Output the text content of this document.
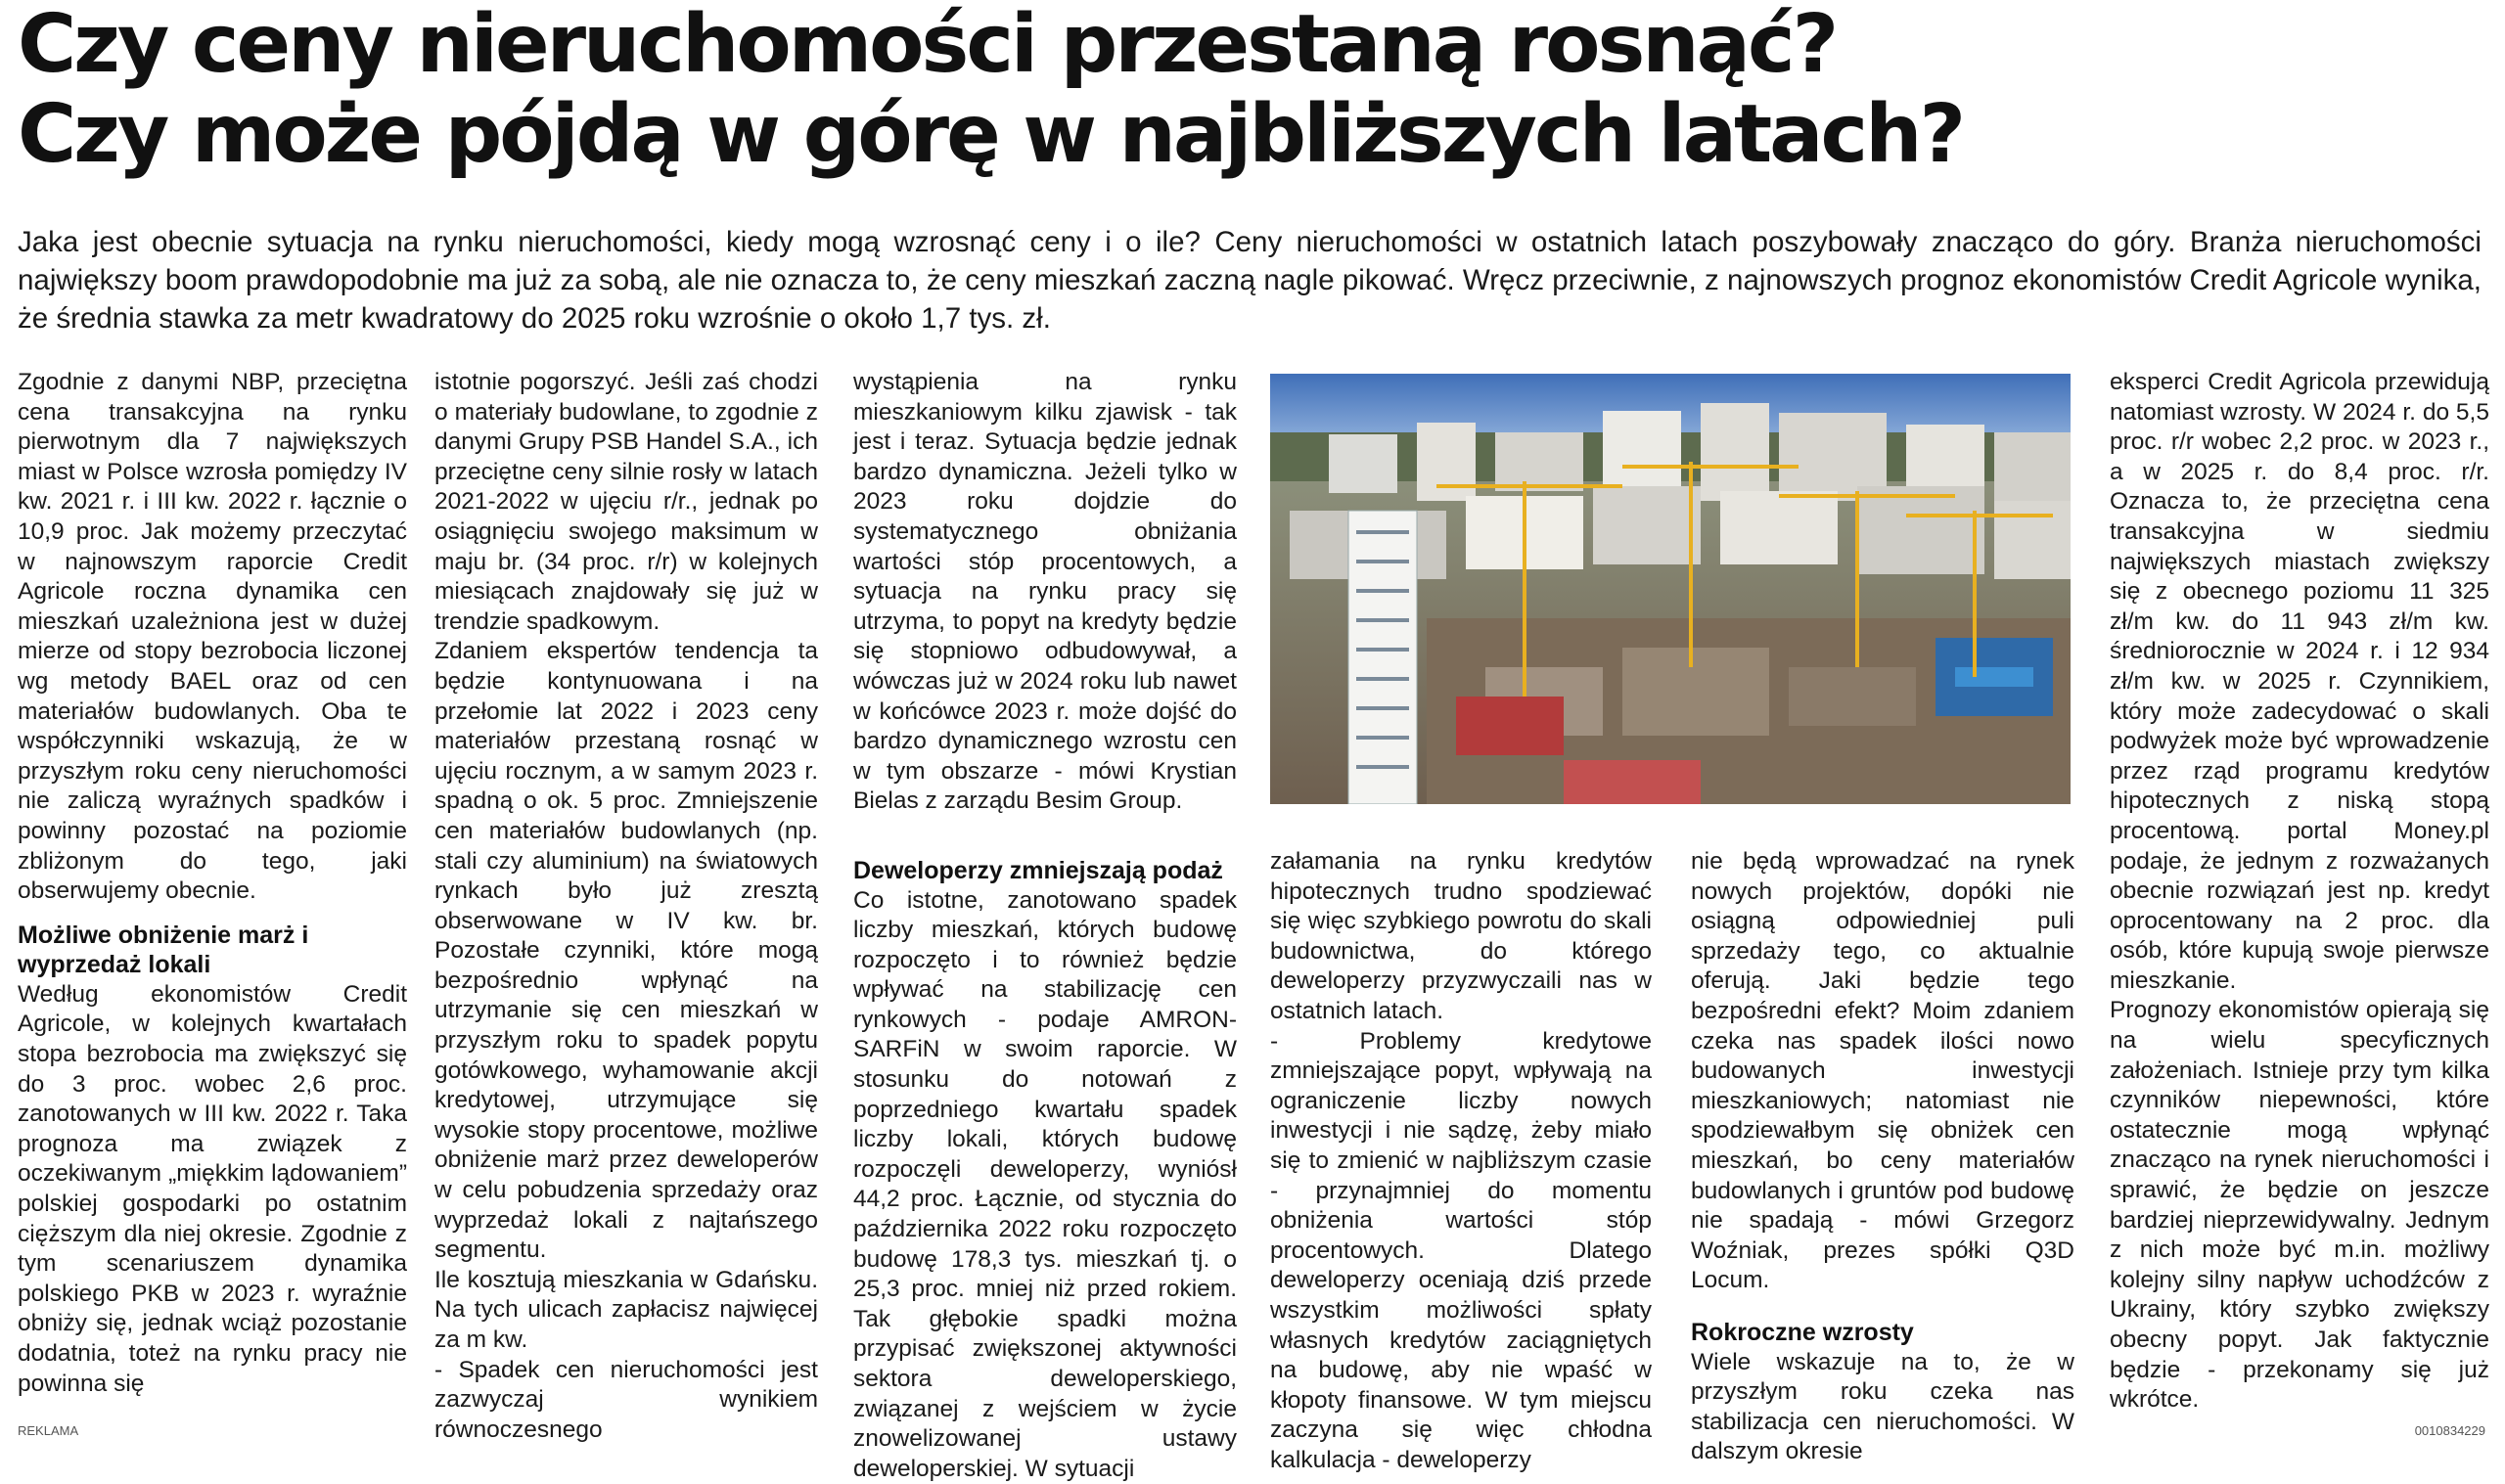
Czy ceny nieruchomości przestaną rosnąć?
Czy może pójdą w górę w najbliższych latach?

Jaka jest obecnie sytuacja na rynku nieruchomości, kiedy mogą wzrosnąć ceny i o ile? Ceny nieruchomości w ostatnich latach poszybowały znacząco do góry. Branża nieruchomości największy boom prawdopodobnie ma już za sobą, ale nie oznacza to, że ceny mieszkań zaczną nagle pikować. Wręcz przeciwnie, z najnowszych prognoz ekonomistów Credit Agricole wynika, że średnia stawka za metr kwadratowy do 2025 roku wzrośnie o około 1,7 tys. zł.

Zgodnie z danymi NBP, przeciętna cena transakcyjna na rynku pierwotnym dla 7 największych miast w Polsce wzrosła pomiędzy IV kw. 2021 r. i III kw. 2022 r. łącznie o 10,9 proc. Jak możemy przeczytać w najnowszym raporcie Credit Agricole roczna dynamika cen mieszkań uzależniona jest w dużej mierze od stopy bezrobocia liczonej wg metody BAEL oraz od cen materiałów budowlanych. Oba te współczynniki wskazują, że w przyszłym roku ceny nieruchomości nie zaliczą wyraźnych spadków i powinny pozostać na poziomie zbliżonym do tego, jaki obserwujemy obecnie.

Możliwe obniżenie marż i wyprzedaż lokali

Według ekonomistów Credit Agricole, w kolejnych kwartałach stopa bezrobocia ma zwiększyć się do 3 proc. wobec 2,6 proc. zanotowanych w III kw. 2022 r. Taka prognoza ma związek z oczekiwanym „miękkim lądowaniem” polskiej gospodarki po ostatnim cięższym dla niej okresie. Zgodnie z tym scenariuszem dynamika polskiego PKB w 2023 r. wyraźnie obniży się, jednak wciąż pozostanie dodatnia, toteż na rynku pracy nie powinna się

istotnie pogorszyć. Jeśli zaś chodzi o materiały budowlane, to zgodnie z danymi Grupy PSB Handel S.A., ich przeciętne ceny silnie rosły w latach 2021-2022 w ujęciu r/r., jednak po osiągnięciu swojego maksimum w maju br. (34 proc. r/r) w kolejnych miesiącach znajdowały się już w trendzie spadkowym.

Zdaniem ekspertów tendencja ta będzie kontynuowana i na przełomie lat 2022 i 2023 ceny materiałów przestaną rosnąć w ujęciu rocznym, a w samym 2023 r. spadną o ok. 5 proc. Zmniejszenie cen materiałów budowlanych (np. stali czy aluminium) na światowych rynkach było już zresztą obserwowane w IV kw. br. Pozostałe czynniki, które mogą bezpośrednio wpłynąć na utrzymanie się cen mieszkań w przyszłym roku to spadek popytu gotówkowego, wyhamowanie akcji kredytowej, utrzymujące się wysokie stopy procentowe, możliwe obniżenie marż przez deweloperów w celu pobudzenia sprzedaży oraz wyprzedaż lokali z najtańszego segmentu.

Ile kosztują mieszkania w Gdańsku. Na tych ulicach zapłacisz najwięcej za m kw.

- Spadek cen nieruchomości jest zazwyczaj wynikiem równoczesnego

wystąpienia na rynku mieszkaniowym kilku zjawisk - tak jest i teraz. Sytuacja będzie jednak bardzo dynamiczna. Jeżeli tylko w 2023 roku dojdzie do systematycznego obniżania wartości stóp procentowych, a sytuacja na rynku pracy się utrzyma, to popyt na kredyty będzie się stopniowo odbudowywał, a wówczas już w 2024 roku lub nawet w końcówce 2023 r. może dojść do bardzo dynamicznego wzrostu cen w tym obszarze - mówi Krystian Bielas z zarządu Besim Group.

Deweloperzy zmniejszają podaż

Co istotne, zanotowano spadek liczby mieszkań, których budowę rozpoczęto i to również będzie wpływać na stabilizację cen rynkowych - podaje AMRON-SARFiN w swoim raporcie. W stosunku do notowań z poprzedniego kwartału spadek liczby lokali, których budowę rozpoczęli deweloperzy, wyniósł 44,2 proc. Łącznie, od stycznia do października 2022 roku rozpoczęto budowę 178,3 tys. mieszkań tj. o 25,3 proc. mniej niż przed rokiem. Tak głębokie spadki można przypisać zwiększonej aktywności sektora deweloperskiego, związanej z wejściem w życie znowelizowanej ustawy deweloperskiej. W sytuacji

załamania na rynku kredytów hipotecznych trudno spodziewać się więc szybkiego powrotu do skali budownictwa, do którego deweloperzy przyzwyczaili nas w ostatnich latach.

- Problemy kredytowe zmniejszające popyt, wpływają na ograniczenie liczby nowych inwestycji i nie sądzę, żeby miało się to zmienić w najbliższym czasie - przynajmniej do momentu obniżenia wartości stóp procentowych. Dlatego deweloperzy oceniają dziś przede wszystkim możliwości spłaty własnych kredytów zaciągniętych na budowę, aby nie wpaść w kłopoty finansowe. W tym miejscu zaczyna się więc chłodna kalkulacja - deweloperzy

nie będą wprowadzać na rynek nowych projektów, dopóki nie osiągną odpowiedniej puli sprzedaży tego, co aktualnie oferują. Jaki będzie tego bezpośredni efekt? Moim zdaniem czeka nas spadek ilości nowo budowanych inwestycji mieszkaniowych; natomiast nie spodziewałbym się obniżek cen mieszkań, bo ceny materiałów budowlanych i gruntów pod budowę nie spadają - mówi Grzegorz Woźniak, prezes spółki Q3D Locum.

Rokroczne wzrosty

Wiele wskazuje na to, że w przyszłym roku czeka nas stabilizacja cen nieruchomości. W dalszym okresie

eksperci Credit Agricola przewidują natomiast wzrosty. W 2024 r. do 5,5 proc. r/r wobec 2,2 proc. w 2023 r., a w 2025 r. do 8,4 proc. r/r. Oznacza to, że przeciętna cena transakcyjna w siedmiu największych miastach zwiększy się z obecnego poziomu 11 325 zł/m kw. do 11 943 zł/m kw. średniorocznie w 2024 r. i 12 934 zł/m kw. w 2025 r. Czynnikiem, który może zadecydować o skali podwyżek może być wprowadzenie przez rząd programu kredytów hipotecznych z niską stopą procentową. portal Money.pl podaje, że jednym z rozważanych obecnie rozwiązań jest np. kredyt oprocentowany na 2 proc. dla osób, które kupują swoje pierwsze mieszkanie.

Prognozy ekonomistów opierają się na wielu specyficznych założeniach. Istnieje przy tym kilka czynników niepewności, które ostatecznie mogą wpłynąć znacząco na rynek nieruchomości i sprawić, że będzie on jeszcze bardziej nieprzewidywalny. Jednym z nich może być m.in. możliwy kolejny silny napływ uchodźców z Ukrainy, który szybko zwiększy obecny popyt. Jak faktycznie będzie - przekonamy się już wkrótce.

REKLAMA	0010834229
